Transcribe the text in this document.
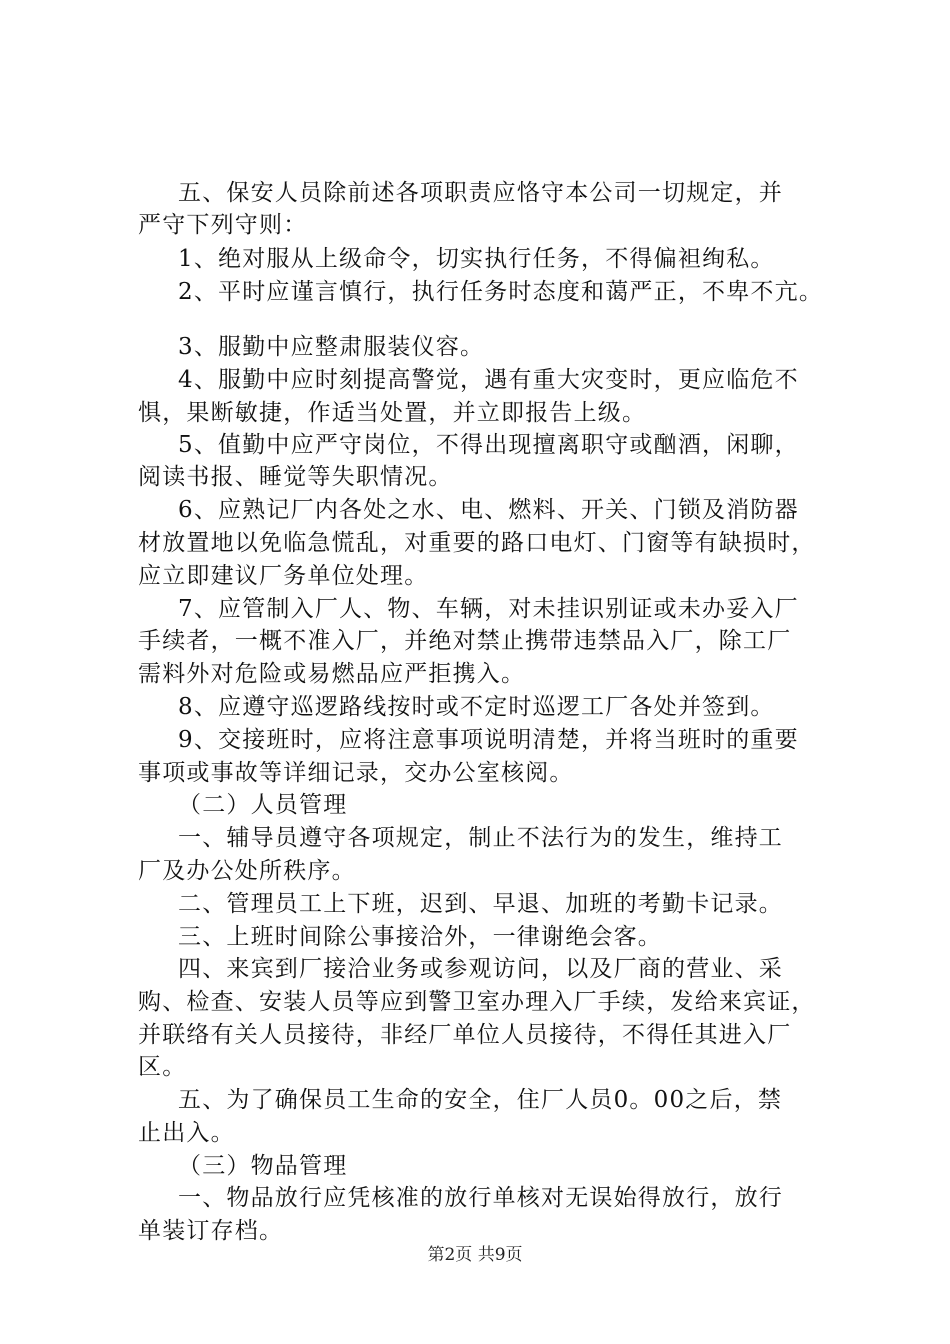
五、保安人员除前述各项职责应恪守本公司一切规定，并
严守下列守则：
1、绝对服从上级命令，切实执行任务，不得偏袒绚私。
2、平时应谨言慎行，执行任务时态度和蔼严正，不卑不亢。
3、服勤中应整肃服装仪容。
4、服勤中应时刻提高警觉，遇有重大灾变时，更应临危不
惧，果断敏捷，作适当处置，并立即报告上级。
5、值勤中应严守岗位，不得出现擅离职守或酗酒，闲聊，
阅读书报、睡觉等失职情况。
6、应熟记厂内各处之水、电、燃料、开关、门锁及消防器
材放置地以免临急慌乱，对重要的路口电灯、门窗等有缺损时，
应立即建议厂务单位处理。
7、应管制入厂人、物、车辆，对未挂识别证或未办妥入厂
手续者，一概不准入厂，并绝对禁止携带违禁品入厂，除工厂
需料外对危险或易燃品应严拒携入。
8、应遵守巡逻路线按时或不定时巡逻工厂各处并签到。
9、交接班时，应将注意事项说明清楚，并将当班时的重要
事项或事故等详细记录，交办公室核阅。
（二）人员管理
一、辅导员遵守各项规定，制止不法行为的发生，维持工
厂及办公处所秩序。
二、管理员工上下班，迟到、早退、加班的考勤卡记录。
三、上班时间除公事接洽外，一律谢绝会客。
四、来宾到厂接洽业务或参观访问，以及厂商的营业、采
购、检查、安装人员等应到警卫室办理入厂手续，发给来宾证，
并联络有关人员接待，非经厂单位人员接待，不得任其进入厂
区。
五、为了确保员工生命的安全，住厂人员0。00之后，禁
止出入。
（三）物品管理
一、物品放行应凭核准的放行单核对无误始得放行，放行
单装订存档。
第2页 共9页
